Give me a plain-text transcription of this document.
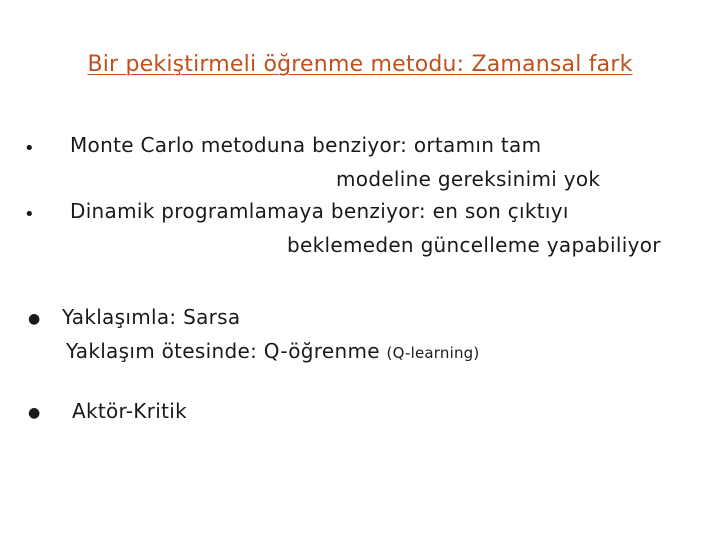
Bir pekiştirmeli öğrenme metodu: Zamansal fark
• Monte Carlo metoduna benziyor: ortamın tam
modeline gereksinimi yok
• Dinamik programlamaya benziyor: en son çıktıyı
beklemeden güncelleme yapabiliyor
● Yaklaşımla: Sarsa
Yaklaşım ötesinde: Q-öğrenme (Q-learning)
● Aktör-Kritik
